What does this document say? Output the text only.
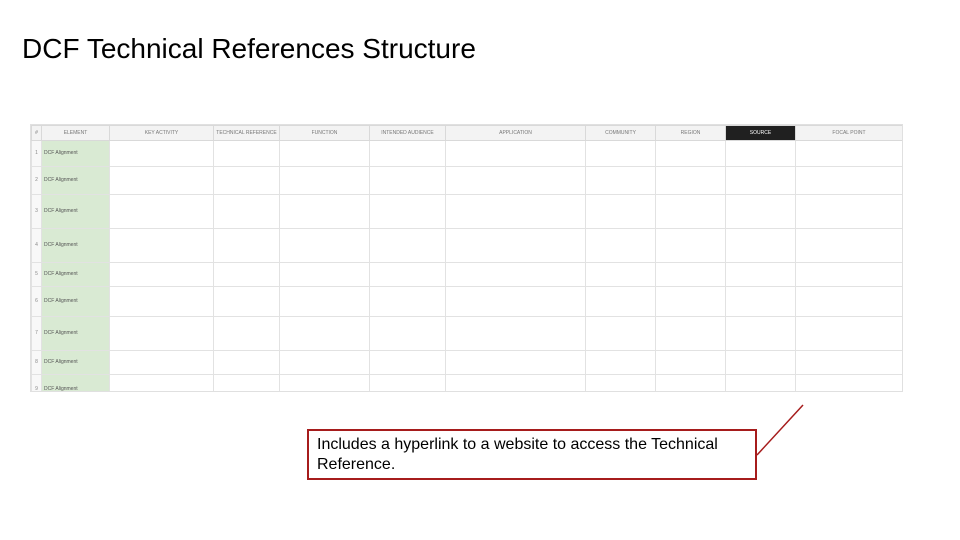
DCF Technical References Structure
#	ELEMENT	KEY ACTIVITY	TECHNICAL REFERENCE	FUNCTION	INTENDED AUDIENCE	APPLICATION	COMMUNITY	REGION	SOURCE	FOCAL POINT
1	DCF Alignment									
2	DCF Alignment									
3	DCF Alignment									
4	DCF Alignment									
5	DCF Alignment									
6	DCF Alignment									
7	DCF Alignment									
8	DCF Alignment									
9	DCF Alignment									
Includes a hyperlink to a website to access the Technical Reference.
